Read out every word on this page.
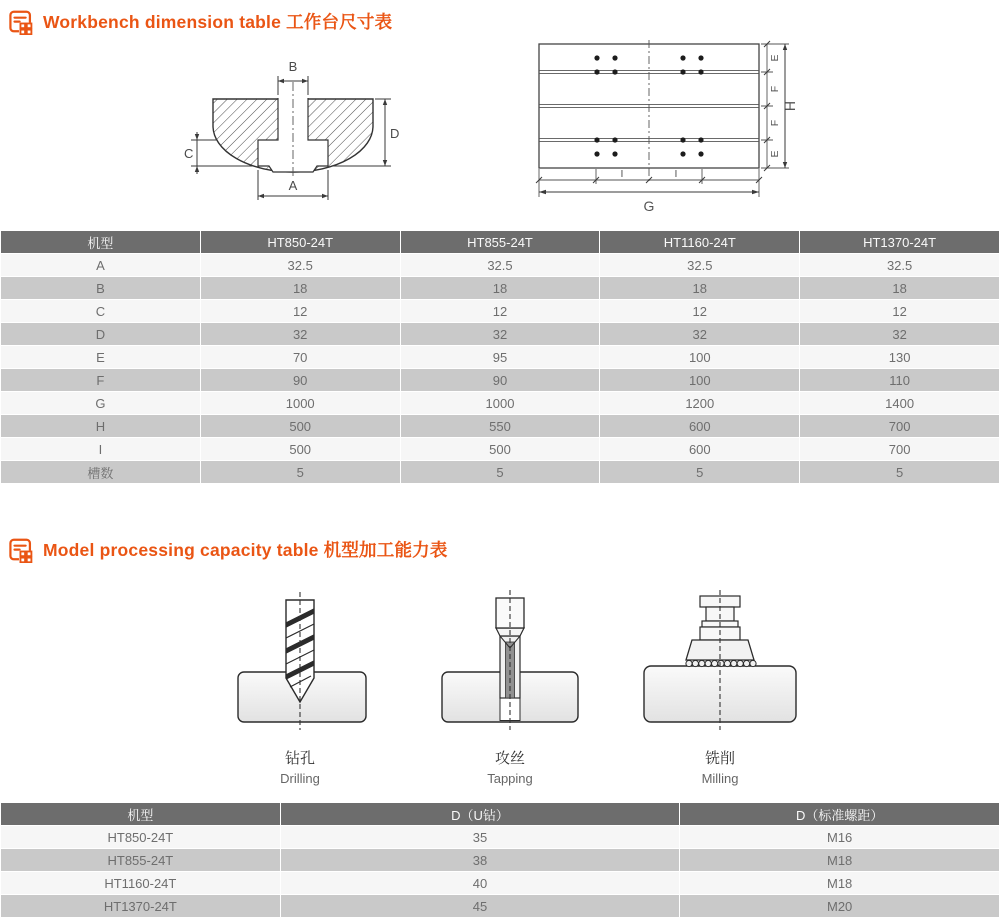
Workbench dimension table 工作台尺寸表
B
C
D
A
E
F
F
E
H
I	I
G
机型	HT850-24T	HT855-24T	HT1160-24T	HT1370-24T
A	32.5	32.5	32.5	32.5
B	18	18	18	18
C	12	12	12	12
D	32	32	32	32
E	70	95	100	130
F	90	90	100	110
G	1000	1000	1200	1400
H	500	550	600	700
I	500	500	600	700
槽数	5	5	5	5
Model processing capacity table 机型加工能力表
钻孔
Drilling
攻丝
Tapping
铣削
Milling
机型	D（U钻）	D（标准螺距）
HT850-24T	35	M16
HT855-24T	38	M18
HT1160-24T	40	M18
HT1370-24T	45	M20
